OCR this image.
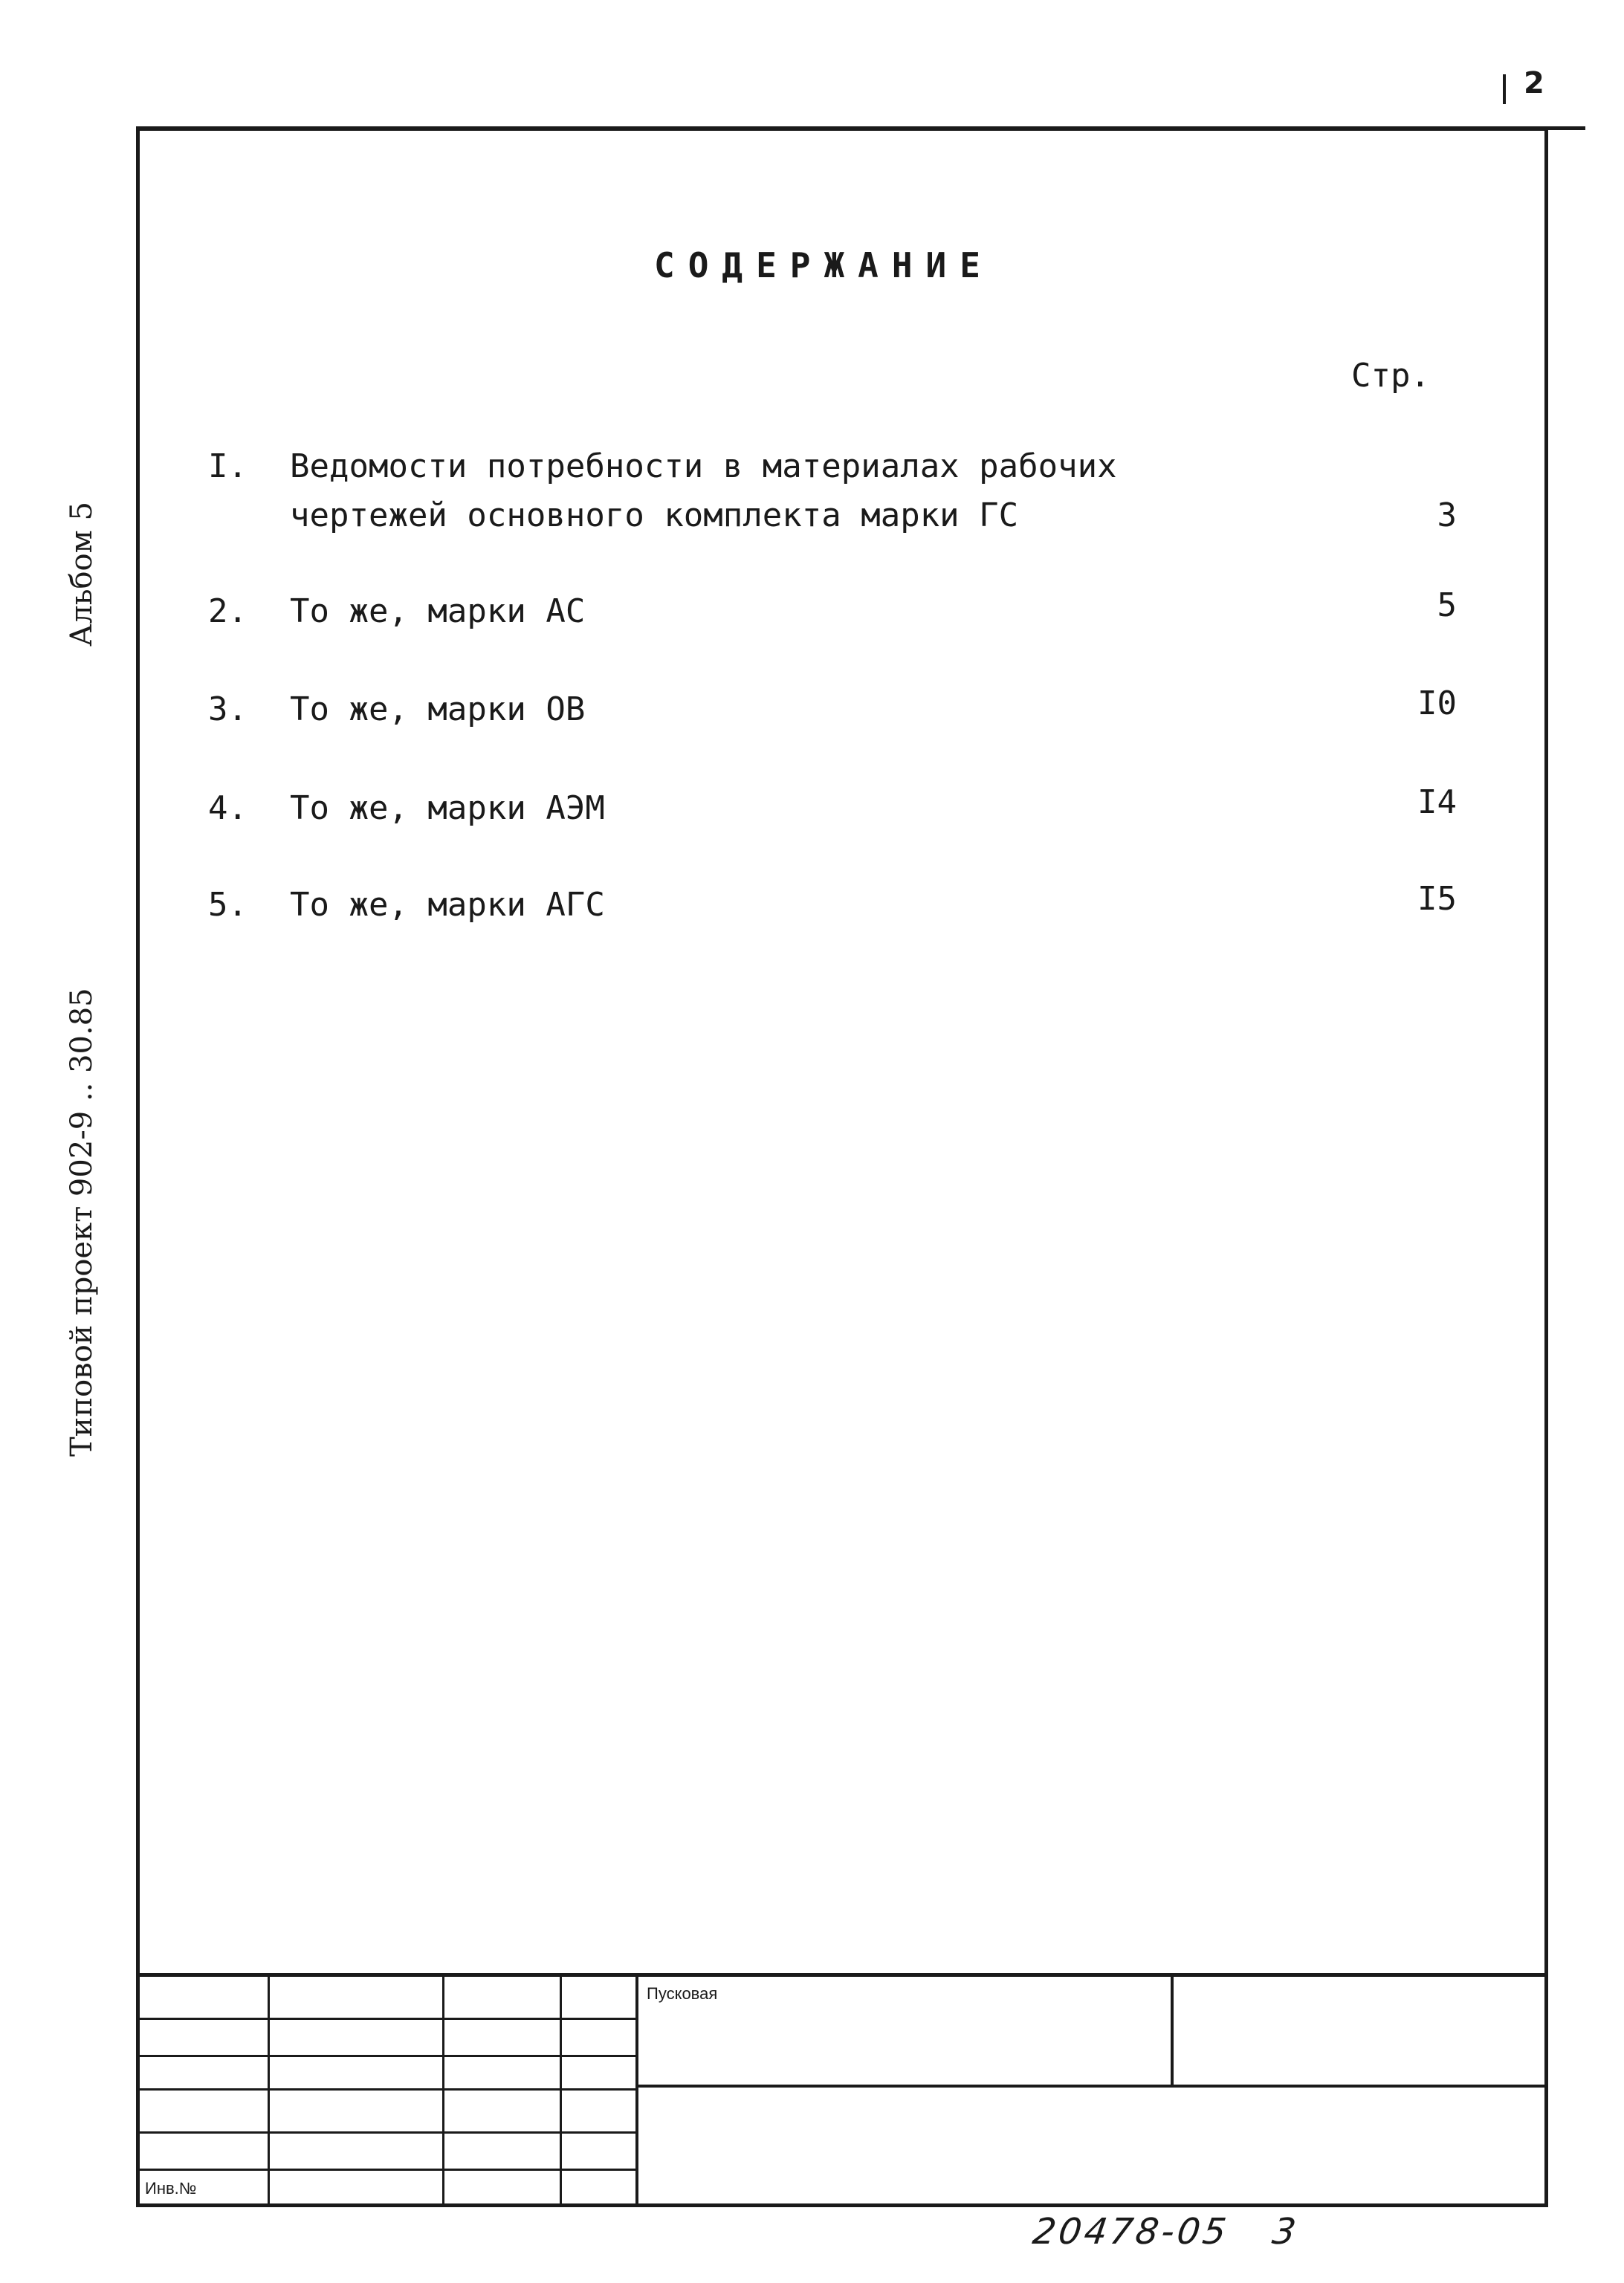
2
Типовой проект 902-9 .. 30.85
Альбом 5
СОДЕРЖАНИЕ
Стр.
I.	Ведомости потребности в материалах рабочих
чертежей основного комплекта марки ГС	3
2.	То же, марки АС	5
3.	То же, марки ОВ	I0
4.	То же, марки АЭМ	I4
5.	То же, марки АГС	I5
Пусковая
Инв.№
20478-05 3
